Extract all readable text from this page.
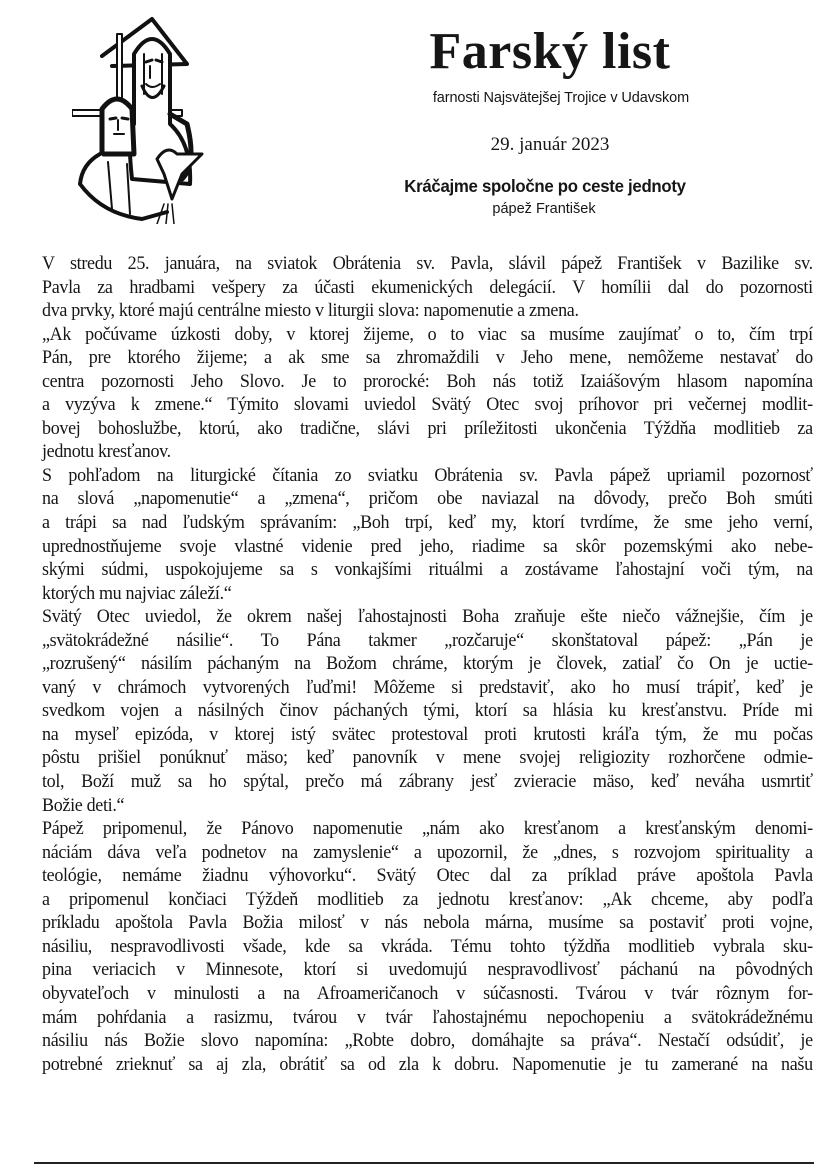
Farský list
farnosti Najsvätejšej Trojice v Udavskom
29. január 2023
Kráčajme spoločne po ceste jednoty
pápež František
V stredu 25. januára, na sviatok Obrátenia sv. Pavla, slávil pápež František v Bazilike sv.
Pavla za hradbami vešpery za účasti ekumenických delegácií. V homílii dal do pozornosti
dva prvky, ktoré majú centrálne miesto v liturgii slova: napomenutie a zmena.
„Ak počúvame úzkosti doby, v ktorej žijeme, o to viac sa musíme zaujímať o to, čím trpí
Pán, pre ktorého žijeme; a ak sme sa zhromaždili v Jeho mene, nemôžeme nestavať do
centra pozornosti Jeho Slovo. Je to prorocké: Boh nás totiž Izaiášovým hlasom napomína
a vyzýva k zmene.“ Týmito slovami uviedol Svätý Otec svoj príhovor pri večernej modlit-
bovej bohoslužbe, ktorú, ako tradične, slávi pri príležitosti ukončenia Týždňa modlitieb za
jednotu kresťanov.
S pohľadom na liturgické čítania zo sviatku Obrátenia sv. Pavla pápež upriamil pozornosť
na slová „napomenutie“ a „zmena“, pričom obe naviazal na dôvody, prečo Boh smúti
a trápi sa nad ľudským správaním: „Boh trpí, keď my, ktorí tvrdíme, že sme jeho verní,
uprednostňujeme svoje vlastné videnie pred jeho, riadime sa skôr pozemskými ako nebe-
skými súdmi, uspokojujeme sa s vonkajšími rituálmi a zostávame ľahostajní voči tým, na
ktorých mu najviac záleží.“
Svätý Otec uviedol, že okrem našej ľahostajnosti Boha zraňuje ešte niečo vážnejšie, čím je
„svätokrádežné násilie“. To Pána takmer „rozčaruje“ skonštatoval pápež: „Pán je
„rozrušený“ násilím páchaným na Božom chráme, ktorým je človek, zatiaľ čo On je uctie-
vaný v chrámoch vytvorených ľuďmi! Môžeme si predstaviť, ako ho musí trápiť, keď je
svedkom vojen a násilných činov páchaných tými, ktorí sa hlásia ku kresťanstvu. Príde mi
na myseľ epizóda, v ktorej istý svätec protestoval proti krutosti kráľa tým, že mu počas
pôstu prišiel ponúknuť mäso; keď panovník v mene svojej religiozity rozhorčene odmie-
tol, Boží muž sa ho spýtal, prečo má zábrany jesť zvieracie mäso, keď neváha usmrtiť
Božie deti.“
Pápež pripomenul, že Pánovo napomenutie „nám ako kresťanom a kresťanským denomi-
náciám dáva veľa podnetov na zamyslenie“ a upozornil, že „dnes, s rozvojom spirituality a
teológie, nemáme žiadnu výhovorku“. Svätý Otec dal za príklad práve apoštola Pavla
a pripomenul končiaci Týždeň modlitieb za jednotu kresťanov: „Ak chceme, aby podľa
príkladu apoštola Pavla Božia milosť v nás nebola márna, musíme sa postaviť proti vojne,
násiliu, nespravodlivosti všade, kde sa vkráda. Tému tohto týždňa modlitieb vybrala sku-
pina veriacich v Minnesote, ktorí si uvedomujú nespravodlivosť páchanú na pôvodných
obyvateľoch v minulosti a na Afroameričanoch v súčasnosti. Tvárou v tvár rôznym for-
mám pohŕdania a rasizmu, tvárou v tvár ľahostajnému nepochopeniu a svätokrádežnému
násiliu nás Božie slovo napomína: „Robte dobro, domáhajte sa práva“. Nestačí odsúdiť, je
potrebné zrieknuť sa aj zla, obrátiť sa od zla k dobru. Napomenutie je tu zamerané na našu
